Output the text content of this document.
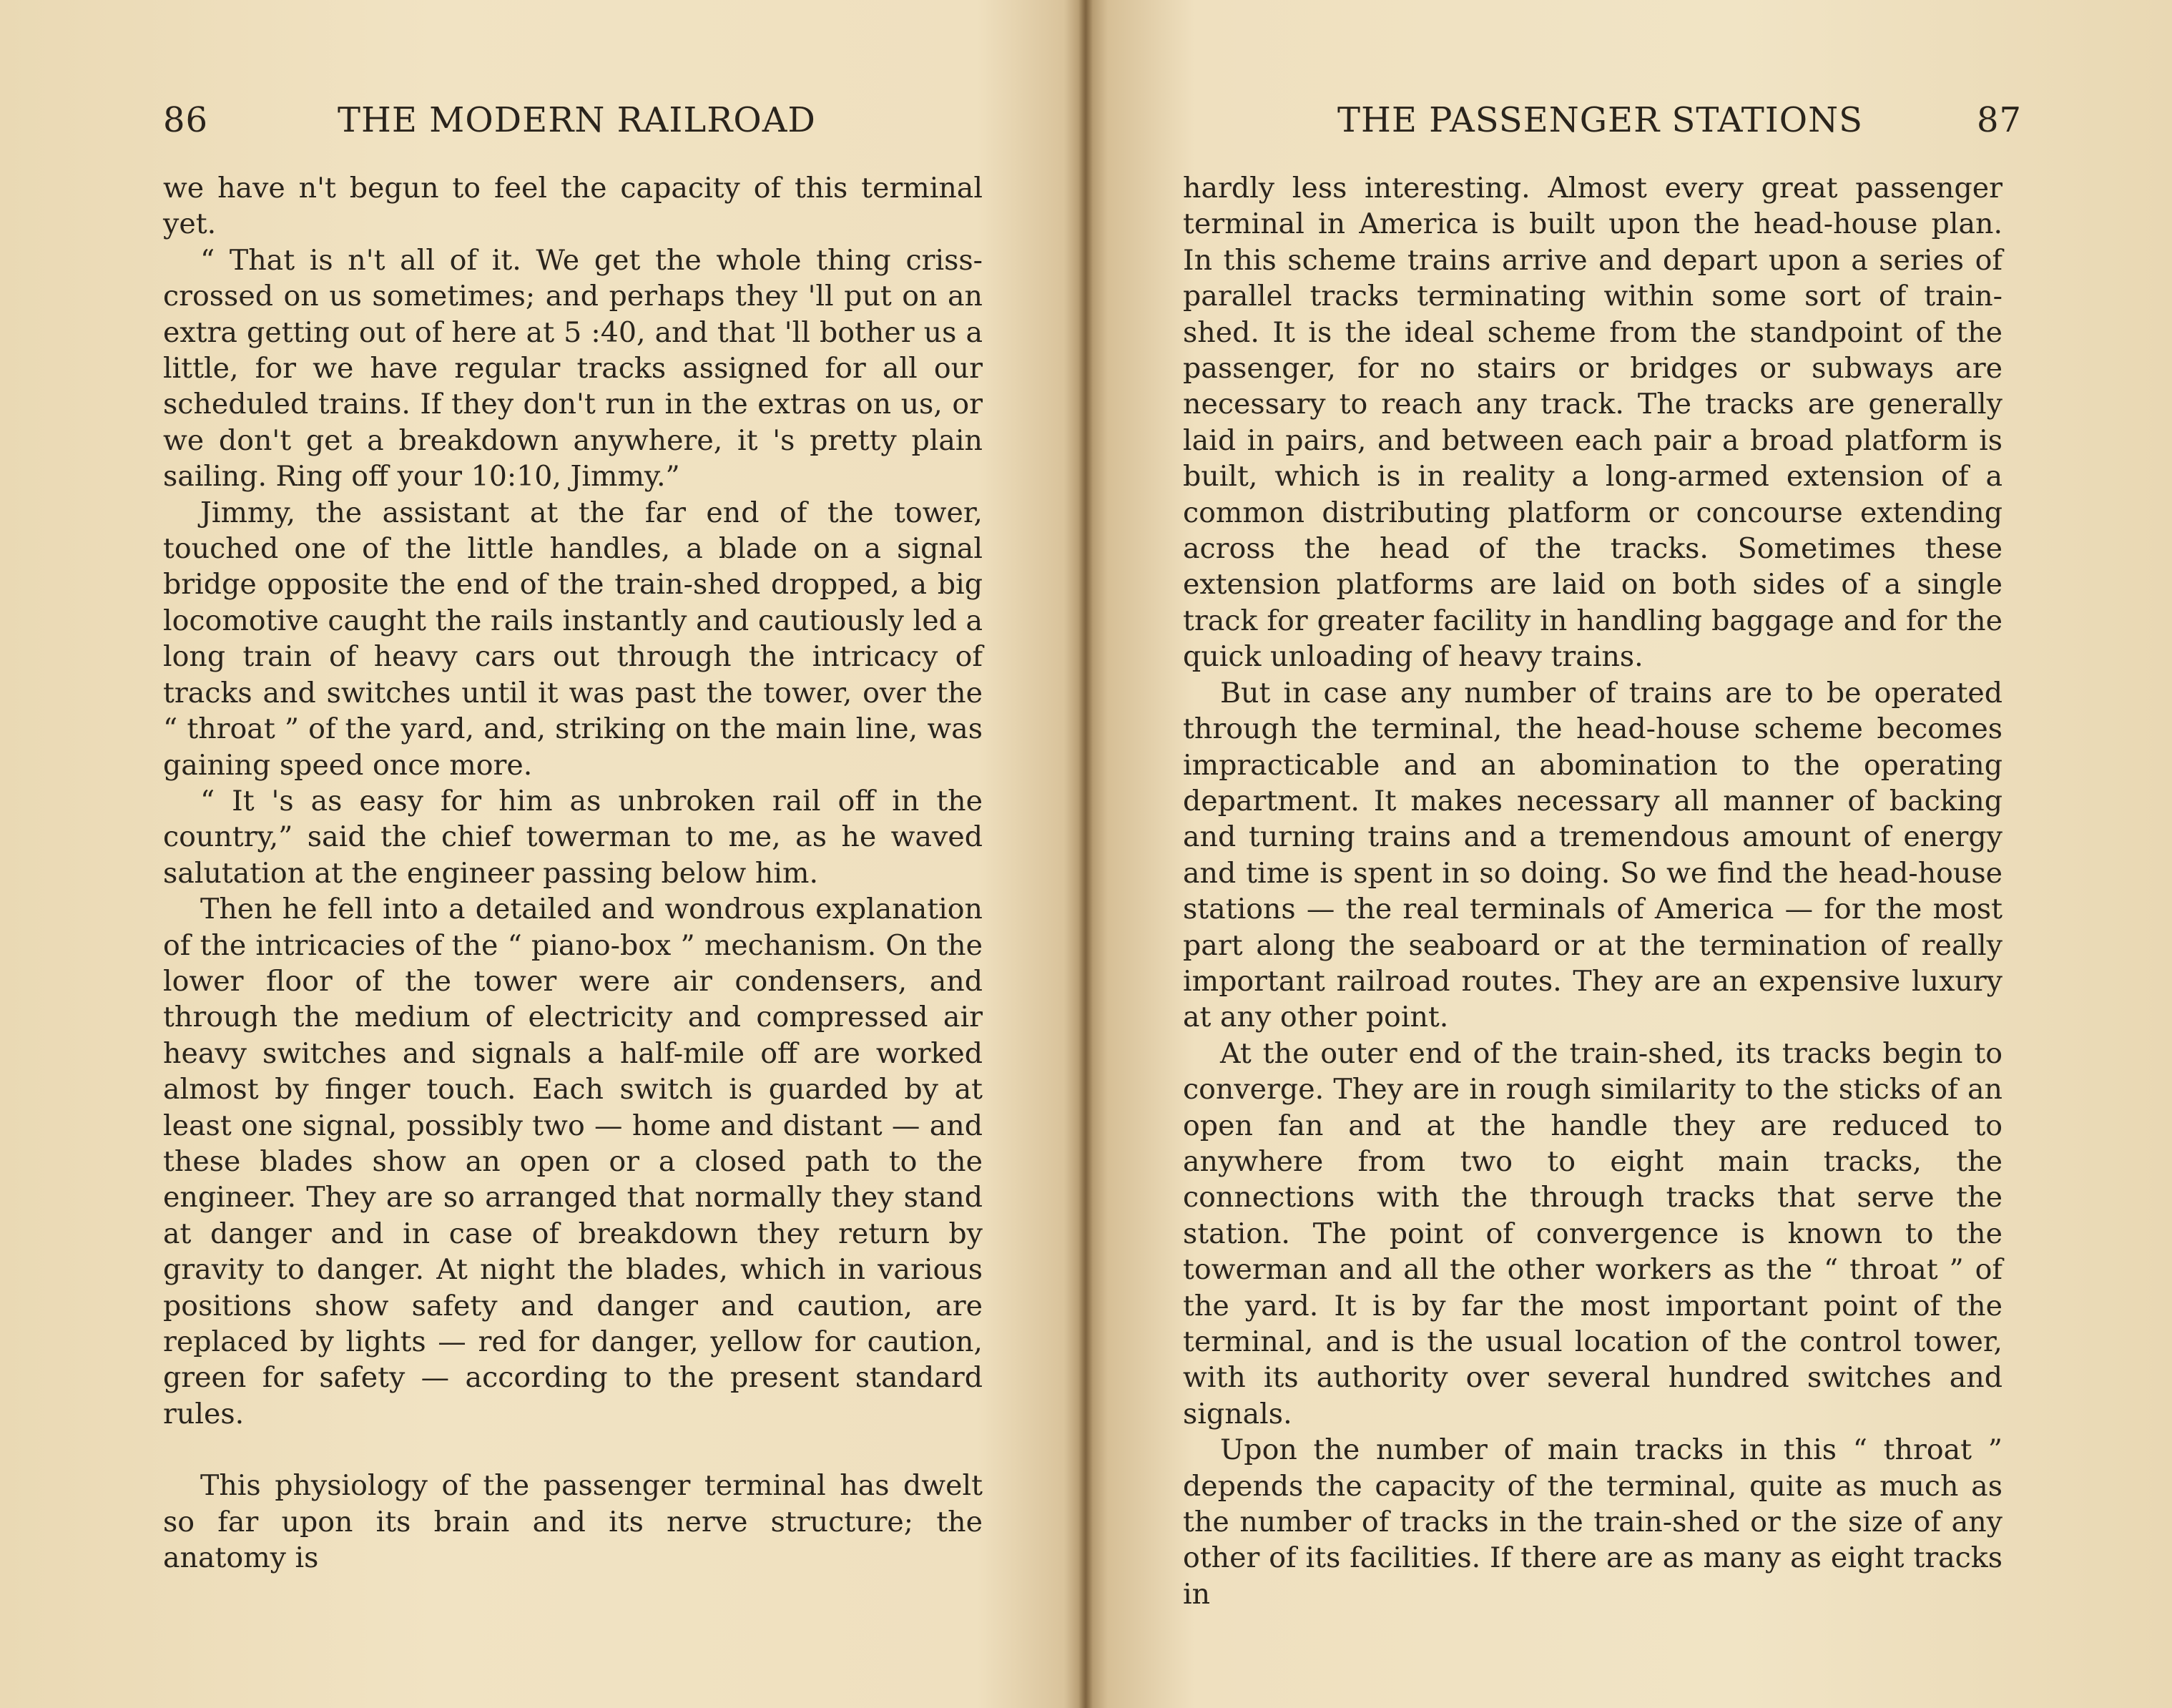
86	THE MODERN RAILROAD

we have n't begun to feel the capacity of this terminal yet.

“ That is n't all of it. We get the whole thing criss-crossed on us sometimes; and perhaps they 'll put on an extra getting out of here at 5 :40, and that 'll bother us a little, for we have regular tracks assigned for all our scheduled trains. If they don't run in the extras on us, or we don't get a breakdown anywhere, it 's pretty plain sailing. Ring off your 10:10, Jimmy.”

Jimmy, the assistant at the far end of the tower, touched one of the little handles, a blade on a signal bridge opposite the end of the train-shed dropped, a big locomotive caught the rails instantly and cautiously led a long train of heavy cars out through the intricacy of tracks and switches until it was past the tower, over the “ throat ” of the yard, and, striking on the main line, was gaining speed once more.

“ It 's as easy for him as unbroken rail off in the country,” said the chief towerman to me, as he waved salutation at the engineer passing below him.

Then he fell into a detailed and wondrous explanation of the intricacies of the “ piano-box ” mechanism. On the lower floor of the tower were air condensers, and through the medium of electricity and compressed air heavy switches and signals a half-mile off are worked almost by finger touch. Each switch is guarded by at least one signal, possibly two — home and distant — and these blades show an open or a closed path to the engineer. They are so arranged that normally they stand at danger and in case of breakdown they return by gravity to danger. At night the blades, which in various positions show safety and danger and caution, are replaced by lights — red for danger, yellow for caution, green for safety — according to the present standard rules.

This physiology of the passenger terminal has dwelt so far upon its brain and its nerve structure; the anatomy is

THE PASSENGER STATIONS	87

hardly less interesting. Almost every great passenger terminal in America is built upon the head-house plan. In this scheme trains arrive and depart upon a series of parallel tracks terminating within some sort of train-shed. It is the ideal scheme from the standpoint of the passenger, for no stairs or bridges or subways are necessary to reach any track. The tracks are generally laid in pairs, and between each pair a broad platform is built, which is in reality a long-armed extension of a common distributing platform or concourse extending across the head of the tracks. Sometimes these extension platforms are laid on both sides of a single track for greater facility in handling baggage and for the quick unloading of heavy trains.

But in case any number of trains are to be operated through the terminal, the head-house scheme becomes impracticable and an abomination to the operating department. It makes necessary all manner of backing and turning trains and a tremendous amount of energy and time is spent in so doing. So we find the head-house stations — the real terminals of America — for the most part along the seaboard or at the termination of really important railroad routes. They are an expensive luxury at any other point.

At the outer end of the train-shed, its tracks begin to converge. They are in rough similarity to the sticks of an open fan and at the handle they are reduced to anywhere from two to eight main tracks, the connections with the through tracks that serve the station. The point of convergence is known to the towerman and all the other workers as the “ throat ” of the yard. It is by far the most important point of the terminal, and is the usual location of the control tower, with its authority over several hundred switches and signals.

Upon the number of main tracks in this “ throat ” depends the capacity of the terminal, quite as much as the number of tracks in the train-shed or the size of any other of its facilities. If there are as many as eight tracks in
